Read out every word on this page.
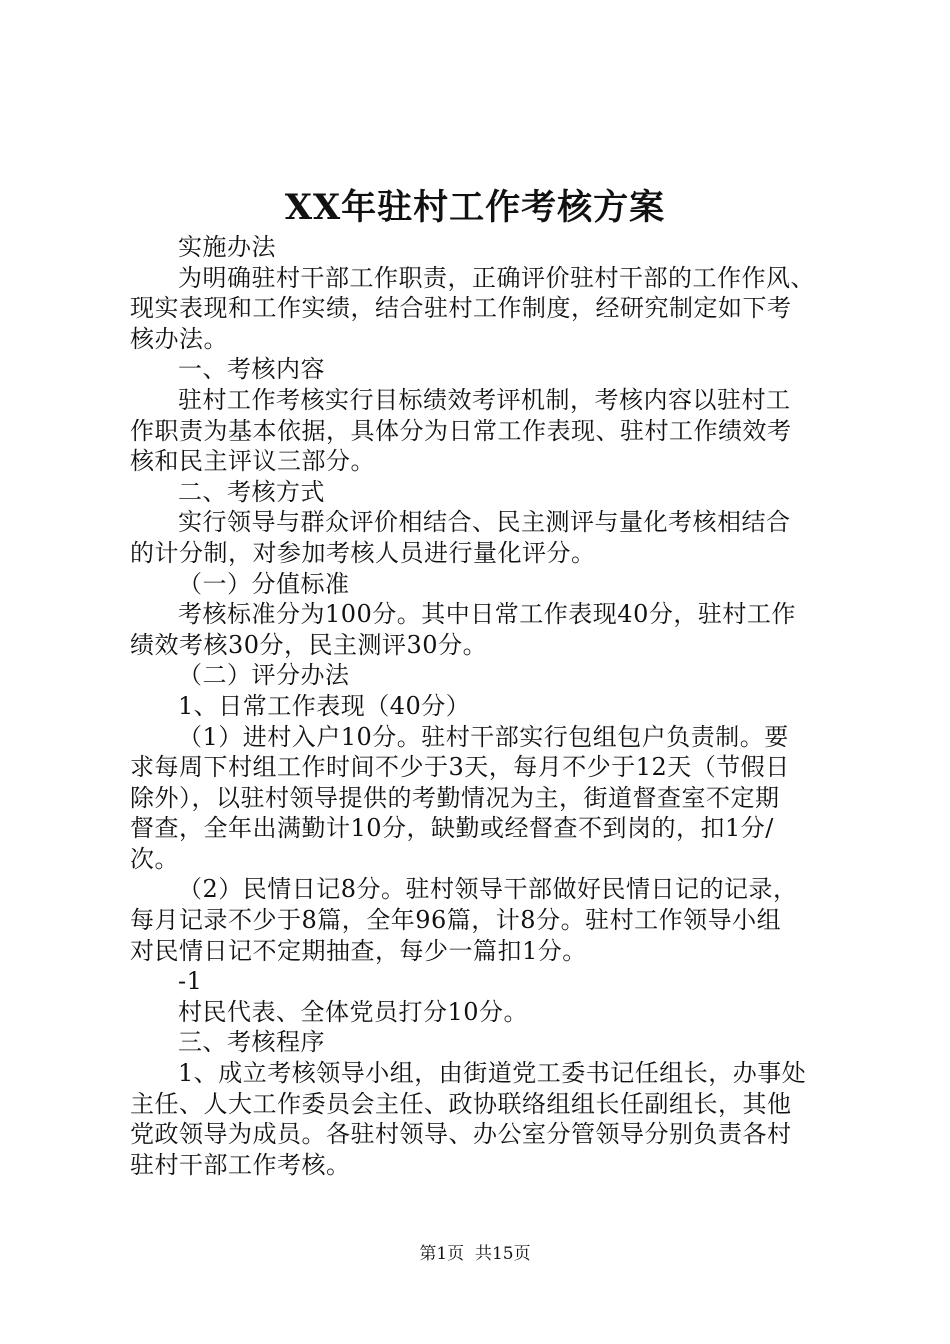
XX年驻村工作考核方案
实施办法
为明确驻村干部工作职责，正确评价驻村干部的工作作风、
现实表现和工作实绩，结合驻村工作制度，经研究制定如下考
核办法。
一、考核内容
驻村工作考核实行目标绩效考评机制，考核内容以驻村工
作职责为基本依据，具体分为日常工作表现、驻村工作绩效考
核和民主评议三部分。
二、考核方式
实行领导与群众评价相结合、民主测评与量化考核相结合
的计分制，对参加考核人员进行量化评分。
（一）分值标准
考核标准分为100分。其中日常工作表现40分，驻村工作
绩效考核30分，民主测评30分。
（二）评分办法
1、日常工作表现（40分）
（1）进村入户10分。驻村干部实行包组包户负责制。要
求每周下村组工作时间不少于3天，每月不少于12天（节假日
除外），以驻村领导提供的考勤情况为主，街道督查室不定期
督查，全年出满勤计10分，缺勤或经督查不到岗的，扣1分/
次。
（2）民情日记8分。驻村领导干部做好民情日记的记录，
每月记录不少于8篇，全年96篇，计8分。驻村工作领导小组
对民情日记不定期抽查，每少一篇扣1分。
-1
村民代表、全体党员打分10分。
三、考核程序
1、成立考核领导小组，由街道党工委书记任组长，办事处
主任、人大工作委员会主任、政协联络组组长任副组长，其他
党政领导为成员。各驻村领导、办公室分管领导分别负责各村
驻村干部工作考核。
第1页  共15页
